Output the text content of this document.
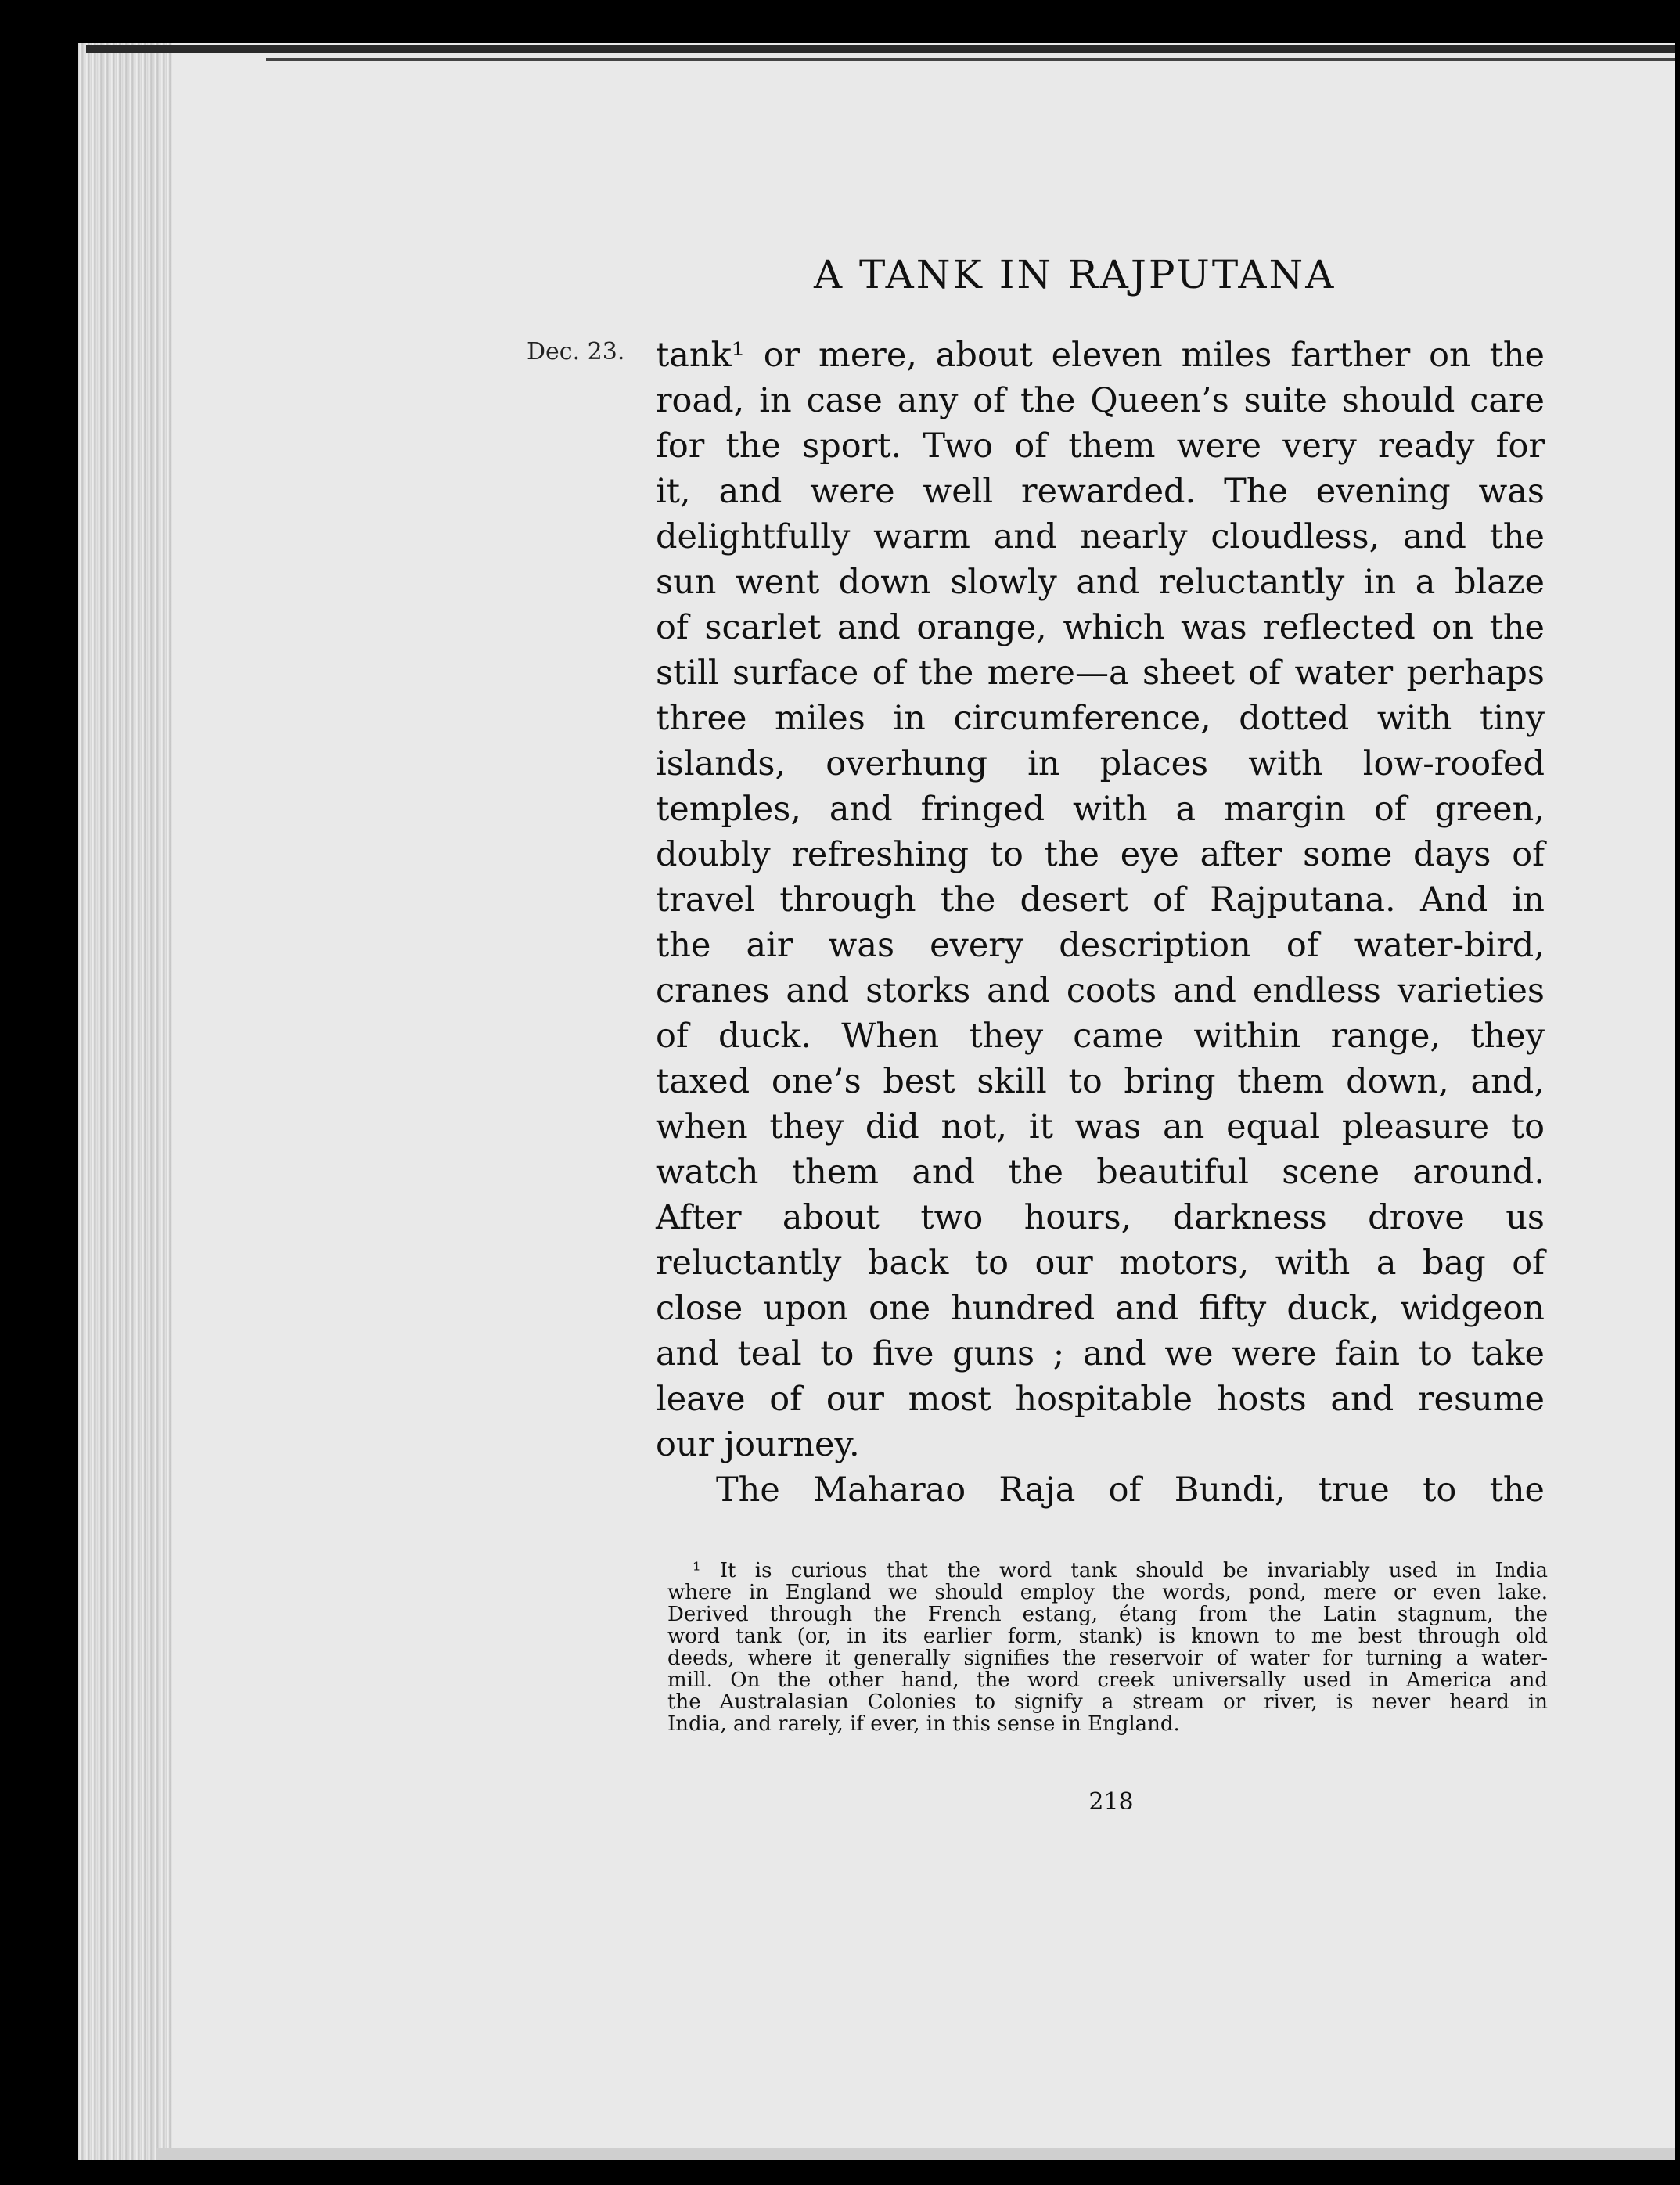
A TANK IN RAJPUTANA
Dec. 23. tank¹ or mere, about eleven miles farther on the
road, in case any of the Queen’s suite should care
for the sport. Two of them were very ready for
it, and were well rewarded. The evening was
delightfully warm and nearly cloudless, and the
sun went down slowly and reluctantly in a blaze
of scarlet and orange, which was reflected on the
still surface of the mere—a sheet of water perhaps
three miles in circumference, dotted with tiny
islands, overhung in places with low-roofed
temples, and fringed with a margin of green,
doubly refreshing to the eye after some days of
travel through the desert of Rajputana. And in
the air was every description of water-bird,
cranes and storks and coots and endless varieties
of duck. When they came within range, they
taxed one’s best skill to bring them down, and,
when they did not, it was an equal pleasure to
watch them and the beautiful scene around.
After about two hours, darkness drove us
reluctantly back to our motors, with a bag of
close upon one hundred and fifty duck, widgeon
and teal to five guns ; and we were fain to take
leave of our most hospitable hosts and resume
our journey.
The Maharao Raja of Bundi, true to the
¹ It is curious that the word tank should be invariably used in India
where in England we should employ the words, pond, mere or even lake.
Derived through the French estang, étang from the Latin stagnum, the
word tank (or, in its earlier form, stank) is known to me best through old
deeds, where it generally signifies the reservoir of water for turning a water-
mill. On the other hand, the word creek universally used in America and
the Australasian Colonies to signify a stream or river, is never heard in
India, and rarely, if ever, in this sense in England.
218
